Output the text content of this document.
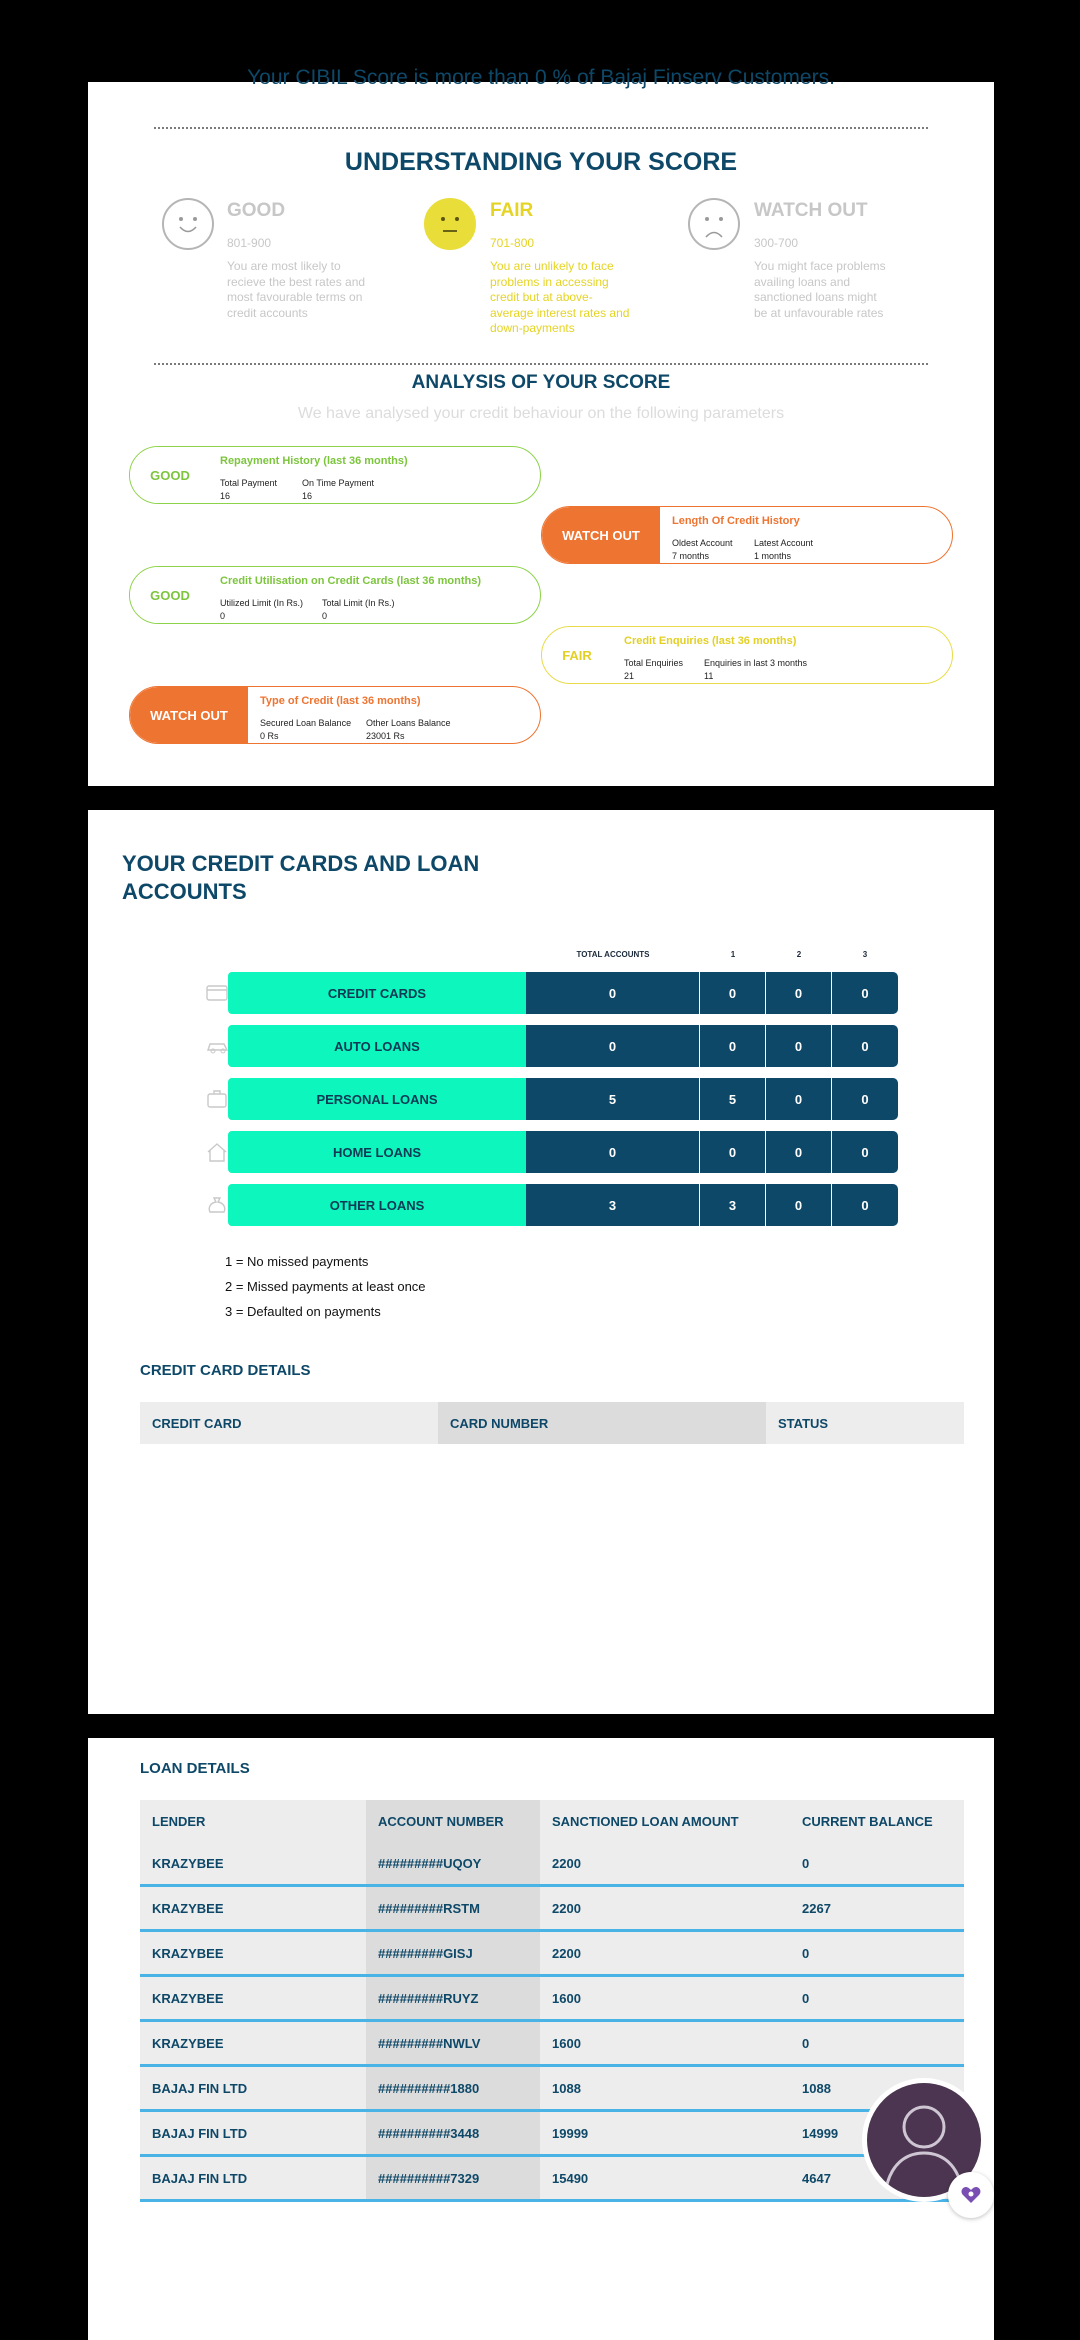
Your CIBIL Score is more than 0 % of Bajaj Finserv Customers.
UNDERSTANDING YOUR SCORE
GOOD
801-900
You are most likely to
recieve the best rates and
most favourable terms on
credit accounts
FAIR
701-800
You are unlikely to face
problems in accessing
credit but at above-
average interest rates and
down-payments
WATCH OUT
300-700
You might face problems
availing loans and
sanctioned loans might
be at unfavourable rates
ANALYSIS OF YOUR SCORE
We have analysed your credit behaviour on the following parameters
GOOD
Repayment History (last 36 months)
Total Payment
16
On Time Payment
16
WATCH OUT
Length Of Credit History
Oldest Account
7 months
Latest Account
1 months
GOOD
Credit Utilisation on Credit Cards (last 36 months)
Utilized Limit (In Rs.)
0
Total Limit (In Rs.)
0
FAIR
Credit Enquiries (last 36 months)
Total Enquiries
21
Enquiries in last 3 months
11
WATCH OUT
Type of Credit (last 36 months)
Secured Loan Balance
0 Rs
Other Loans Balance
23001 Rs
YOUR CREDIT CARDS AND LOAN
ACCOUNTS
TOTAL ACCOUNTS	1	2	3
CREDIT CARDS	0	0	0	0
AUTO LOANS	0	0	0	0
PERSONAL LOANS	5	5	0	0
HOME LOANS	0	0	0	0
OTHER LOANS	3	3	0	0
1 = No missed payments
2 = Missed payments at least once
3 = Defaulted on payments
CREDIT CARD DETAILS
CREDIT CARD	CARD NUMBER	STATUS
LOAN DETAILS
LENDER	ACCOUNT NUMBER	SANCTIONED LOAN AMOUNT	CURRENT BALANCE
KRAZYBEE	#########UQOY	2200	0
KRAZYBEE	#########RSTM	2200	2267
KRAZYBEE	#########GISJ	2200	0
KRAZYBEE	#########RUYZ	1600	0
KRAZYBEE	#########NWLV	1600	0
BAJAJ FIN LTD	##########1880	1088	1088
BAJAJ FIN LTD	##########3448	19999	14999
BAJAJ FIN LTD	##########7329	15490	4647
